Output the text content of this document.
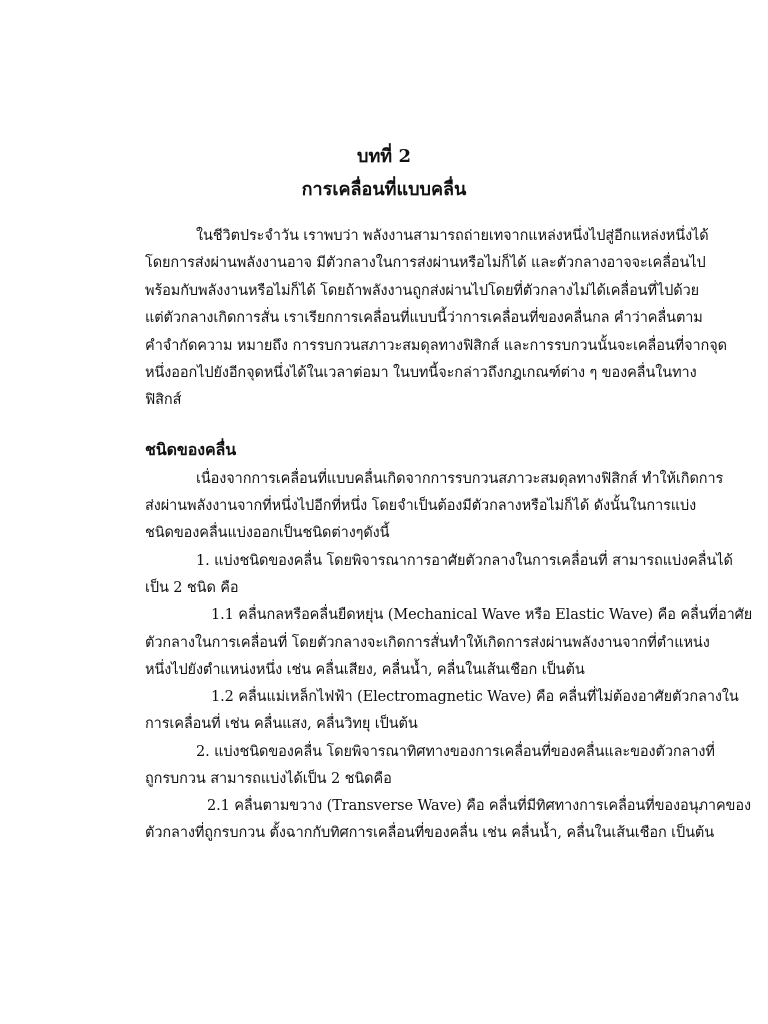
บทที่ 2
การเคลื่อนที่แบบคลื่น
ในชีวิตประจำวัน เราพบว่า พลังงานสามารถถ่ายเทจากแหล่งหนึ่งไปสู่อีกแหล่งหนึ่งได้
โดยการส่งผ่านพลังงานอาจ มีตัวกลางในการส่งผ่านหรือไม่ก็ได้ และตัวกลางอาจจะเคลื่อนไป
พร้อมกับพลังงานหรือไม่ก็ได้ โดยถ้าพลังงานถูกส่งผ่านไปโดยที่ตัวกลางไม่ได้เคลื่อนที่ไปด้วย
แต่ตัวกลางเกิดการสั่น เราเรียกการเคลื่อนที่แบบนี้ว่าการเคลื่อนที่ของคลื่นกล คำว่าคลื่นตาม
คำจำกัดความ หมายถึง การรบกวนสภาวะสมดุลทางฟิสิกส์ และการรบกวนนั้นจะเคลื่อนที่จากจุด
หนึ่งออกไปยังอีกจุดหนึ่งได้ในเวลาต่อมา ในบทนี้จะกล่าวถึงกฎเกณฑ์ต่าง ๆ ของคลื่นในทาง
ฟิสิกส์
ชนิดของคลื่น
เนื่องจากการเคลื่อนที่แบบคลื่นเกิดจากการรบกวนสภาวะสมดุลทางฟิสิกส์ ทำให้เกิดการ
ส่งผ่านพลังงานจากที่หนึ่งไปอีกที่หนึ่ง โดยจำเป็นต้องมีตัวกลางหรือไม่ก็ได้ ดังนั้นในการแบ่ง
ชนิดของคลื่นแบ่งออกเป็นชนิดต่างๆดังนี้
1. แบ่งชนิดของคลื่น โดยพิจารณาการอาศัยตัวกลางในการเคลื่อนที่ สามารถแบ่งคลื่นได้
เป็น 2 ชนิด คือ
1.1 คลื่นกลหรือคลื่นยืดหยุ่น (Mechanical Wave หรือ Elastic Wave) คือ คลื่นที่อาศัย
ตัวกลางในการเคลื่อนที่ โดยตัวกลางจะเกิดการสั่นทำให้เกิดการส่งผ่านพลังงานจากที่ตำแหน่ง
หนึ่งไปยังตำแหน่งหนึ่ง เช่น คลื่นเสียง, คลื่นน้ำ, คลื่นในเส้นเชือก เป็นต้น
1.2 คลื่นแม่เหล็กไฟฟ้า (Electromagnetic Wave) คือ คลื่นที่ไม่ต้องอาศัยตัวกลางใน
การเคลื่อนที่ เช่น คลื่นแสง, คลื่นวิทยุ เป็นต้น
2. แบ่งชนิดของคลื่น โดยพิจารณาทิศทางของการเคลื่อนที่ของคลื่นและของตัวกลางที่
ถูกรบกวน สามารถแบ่งได้เป็น 2 ชนิดคือ
2.1 คลื่นตามขวาง (Transverse Wave) คือ คลื่นที่มีทิศทางการเคลื่อนที่ของอนุภาคของ
ตัวกลางที่ถูกรบกวน ตั้งฉากกับทิศการเคลื่อนที่ของคลื่น เช่น คลื่นน้ำ, คลื่นในเส้นเชือก เป็นต้น
